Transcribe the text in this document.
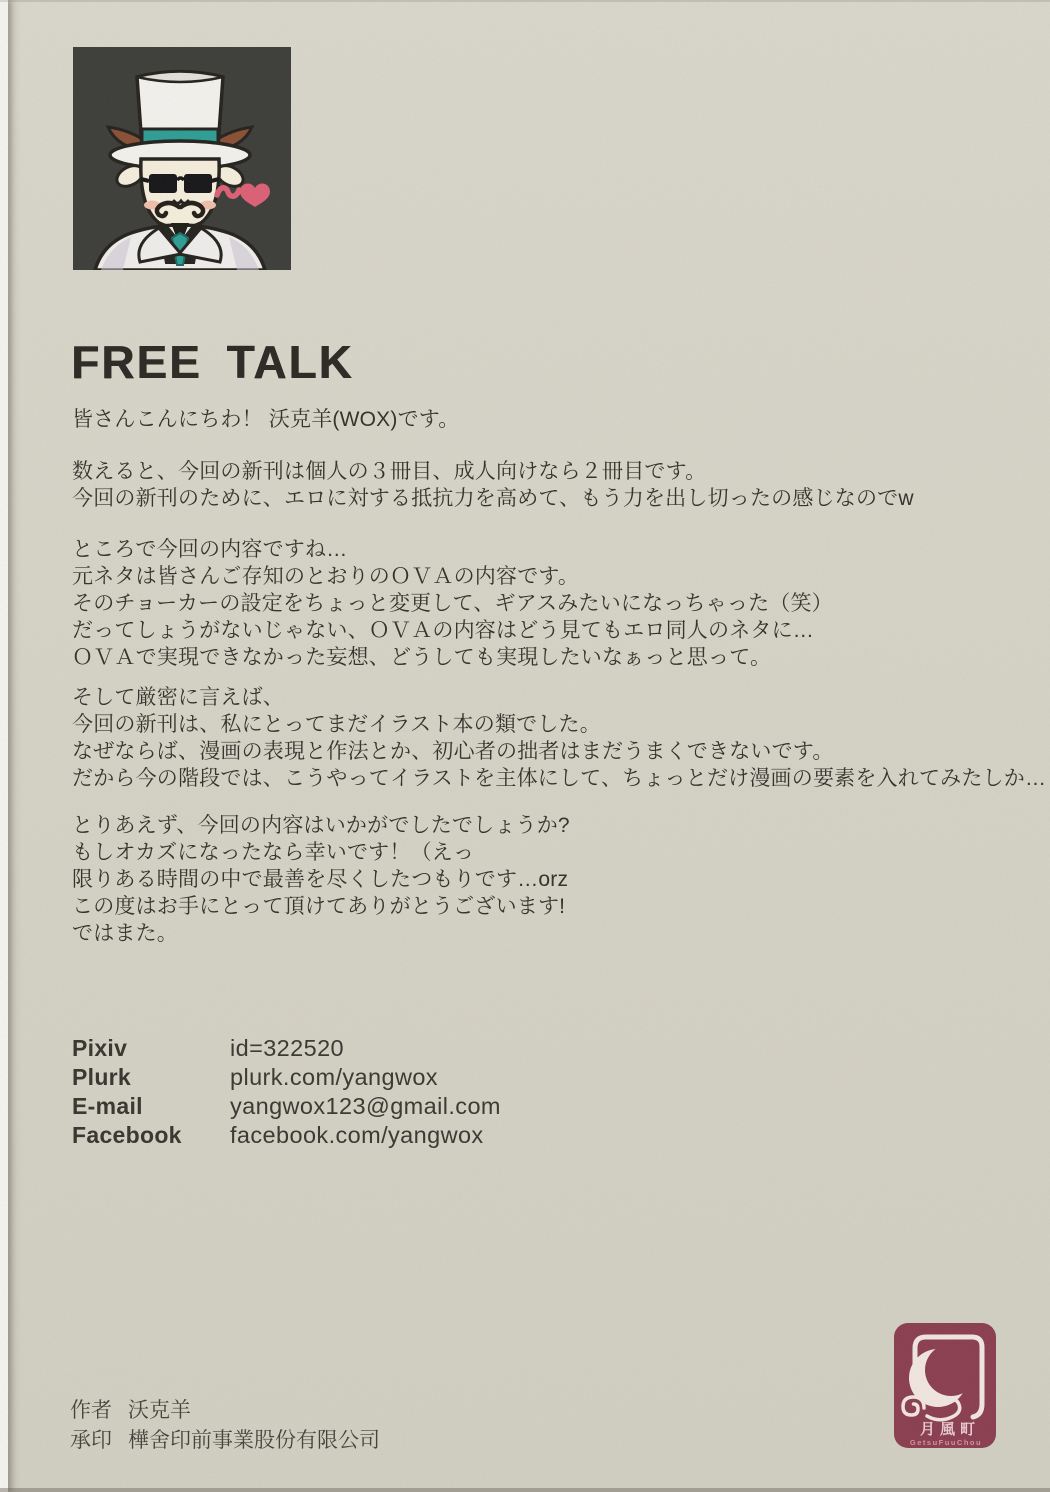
FREE TALK
皆さんこんにちわ！ 沃克羊(WOX)です。
数えると、今回の新刊は個人の３冊目、成人向けなら２冊目です。
今回の新刊のために、エロに対する抵抗力を高めて、もう力を出し切ったの感じなのでw
ところで今回の内容ですね…
元ネタは皆さんご存知のとおりのＯＶＡの内容です。
そのチョーカーの設定をちょっと変更して、ギアスみたいになっちゃった（笑）
だってしょうがないじゃない、ＯＶＡの内容はどう見てもエロ同人のネタに…
ＯＶＡで実現できなかった妄想、どうしても実現したいなぁっと思って。
そして厳密に言えば、
今回の新刊は、私にとってまだイラスト本の類でした。
なぜならば、漫画の表現と作法とか、初心者の拙者はまだうまくできないです。
だから今の階段では、こうやってイラストを主体にして、ちょっとだけ漫画の要素を入れてみたしか…
とりあえず、今回の内容はいかがでしたでしょうか?
もしオカズになったなら幸いです！（えっ
限りある時間の中で最善を尽くしたつもりです…orz
この度はお手にとって頂けてありがとうございます!
ではまた。
Pixiv	id=322520
Plurk	plurk.com/yangwox
E-mail	yangwox123@gmail.com
Facebook	facebook.com/yangwox
作者 沃克羊
承印 樺舍印前事業股份有限公司	月風町
GetsuFuuChou
